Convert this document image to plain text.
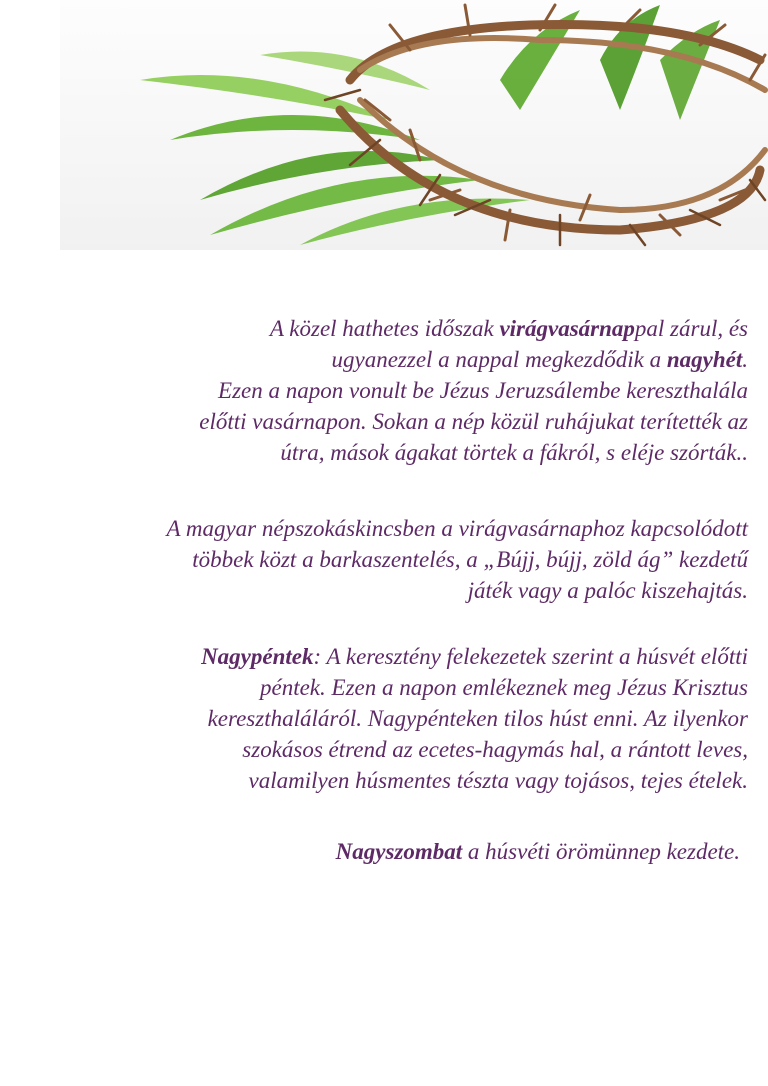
A közel hathetes időszak virágvasárnappal zárul, és
ugyanezzel a nappal megkezdődik a nagyhét.
Ezen a napon vonult be Jézus Jeruzsálembe kereszthalála
előtti vasárnapon. Sokan a nép közül ruhájukat terítették az
útra, mások ágakat törtek a fákról, s eléje szórták..

A magyar népszokáskincsben a virágvasárnaphoz kapcsolódott
többek közt a barkaszentelés, a „Bújj, bújj, zöld ág” kezdetű
játék vagy a palóc kiszehajtás.

Nagypéntek: A keresztény felekezetek szerint a húsvét előtti
péntek. Ezen a napon emlékeznek meg Jézus Krisztus
kereszthaláláról. Nagypénteken tilos húst enni. Az ilyenkor
szokásos étrend az ecetes-hagymás hal, a rántott leves,
valamilyen húsmentes tészta vagy tojásos, tejes ételek.

Nagyszombat a húsvéti örömünnep kezdete.
